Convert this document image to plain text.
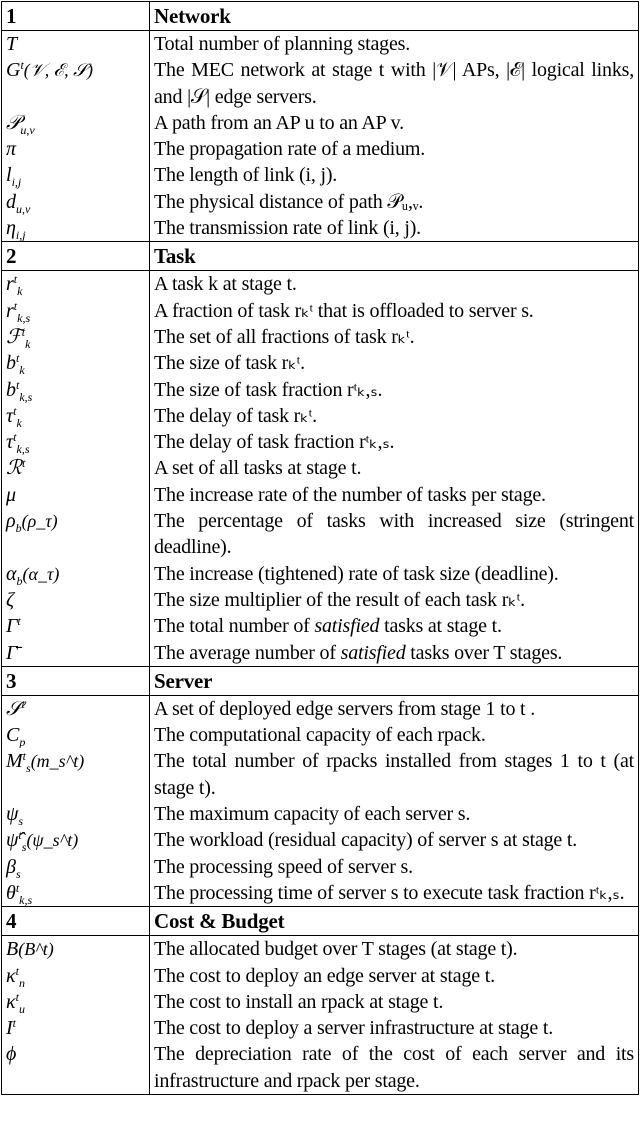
1	Network
T	Total number of planning stages.
$G^t(𝒱$, ℰ, 𝒮)	The MEC network at stage t with |𝒱| APs, |ℰ| logical links, and |𝒮| edge servers.
𝒫$_{u,v}$	A path from an AP u to an AP v.
π	The propagation rate of a medium.
$l_{i,j}$	The length of link (i, j).
$d_{u,v}$	The physical distance of path 𝒫ᵤ,ᵥ.
$\eta_{i,j}$	The transmission rate of link (i, j).
2	Task
$r^t_k$	A task k at stage t.
$r^t_{k,s}$	A fraction of task rₖᵗ that is offloaded to server s.
ℱ$^t_k$	The set of all fractions of task rₖᵗ.
$b^t_k$	The size of task rₖᵗ.
$b^t_{k,s}$	The size of task fraction rᵗₖ,ₛ.
$\tau^t_k$	The delay of task rₖᵗ.
$\tau^t_{k,s}$	The delay of task fraction rᵗₖ,ₛ.
ℛ$^t$	A set of all tasks at stage t.
μ	The increase rate of the number of tasks per stage.
$\rho_b(\rho\_\tau)$	The percentage of tasks with increased size (stringent deadline).
$\alpha_b(\alpha\_\tau)$	The increase (tightened) rate of task size (deadline).
ζ	The size multiplier of the result of each task rₖᵗ.
$\Gamma^t$	The total number of satisfied tasks at stage t.
Γ̄	The average number of satisfied tasks over T stages.
3	Server
𝒮$^t$	A set of deployed edge servers from stage 1 to t .
$C_p$	The computational capacity of each rpack.
$M^t_s(m\_s\^{}t)$	The total number of rpacks installed from stages 1 to t (at stage t).
$\psi_s$	The maximum capacity of each server s.
ψ̂$^t_s$(ψ_s^t)	The workload (residual capacity) of server s at stage t.
$\beta_s$	The processing speed of server s.
$\theta^t_{k,s}$	The processing time of server s to execute task fraction rᵗₖ,ₛ.
4	Cost & Budget
B(B^t)	The allocated budget over T stages (at stage t).
$\kappa^t_n$	The cost to deploy an edge server at stage t.
$\kappa^t_u$	The cost to install an rpack at stage t.
$I^t$	The cost to deploy a server infrastructure at stage t.
ϕ	The depreciation rate of the cost of each server and its infrastructure and rpack per stage.
